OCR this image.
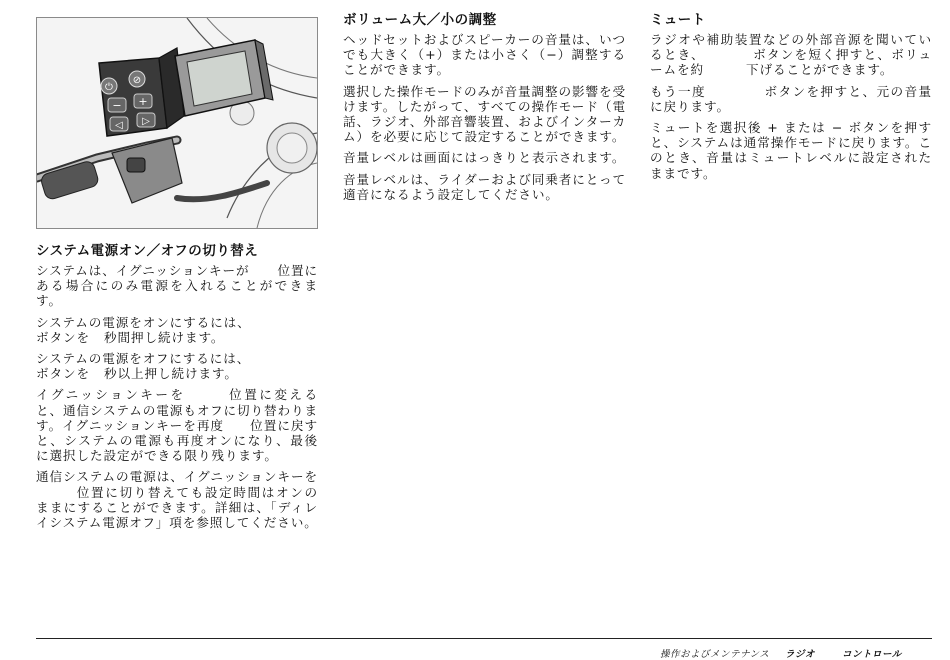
⏻
⊘
− +
◁ ▷
システム電源オン／オフの切り替え

システムは、イグニッションキーが 位置にある場合にのみ電源を入れることができます。

システムの電源をオンにするには、
ボタンを 秒間押し続けます。

システムの電源をオフにするには、
ボタンを 秒以上押し続けます。

イグニッションキーを	位置に変えると、通信システムの電源もオフに切り替わります。イグニッションキーを再度 位置に戻すと、システムの電源も再度オンになり、最後に選択した設定ができる限り残ります。

通信システムの電源は、イグニッションキーを位置に切り替えても設定時間はオンのままにすることができます。詳細は、「ディレイシステム電源オフ」項を参照してください。

ボリューム大／小の調整

ヘッドセットおよびスピーカーの音量は、いつでも大きく（+）または小さく（−）調整することができます。

選択した操作モードのみが音量調整の影響を受けます。したがって、すべての操作モード（電話、ラジオ、外部音響装置、およびインターカム）を必要に応じて設定することができます。

音量レベルは画面にはっきりと表示されます。

音量レベルは、ライダーおよび同乗者にとって適音になるよう設定してください。

ミュート

ラジオや補助装置などの外部音源を聞いているとき、	ボタンを短く押すと、ボリュームを約	下げることができます。

もう一度	ボタンを押すと、元の音量に戻ります。

ミュートを選択後 + または − ボタンを押すと、システムは通常操作モードに戻ります。このとき、音量はミュートレベルに設定されたままです。

操作およびメンテナンス ラジオ	コントロール
